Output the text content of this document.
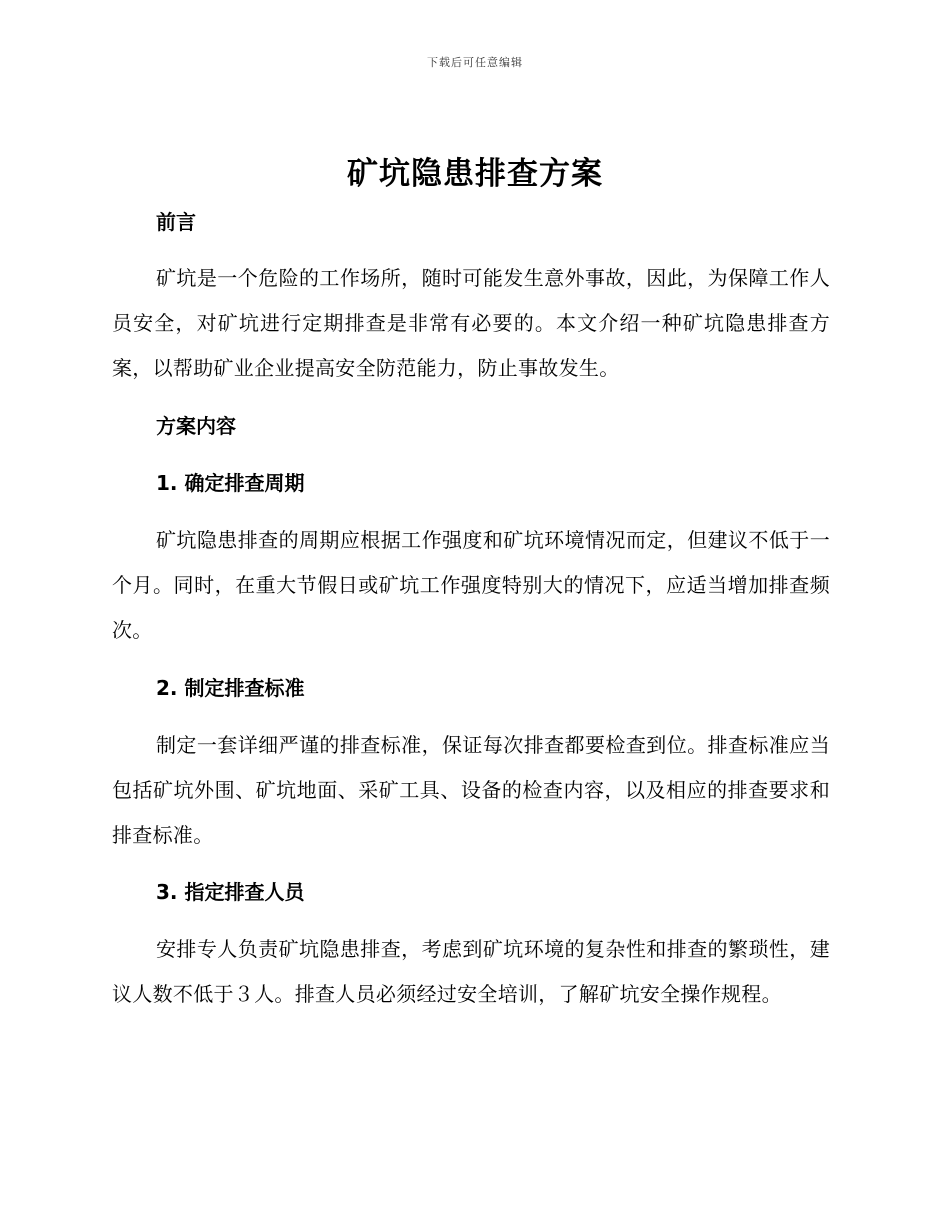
下载后可任意编辑
矿坑隐患排查方案
前言
矿坑是一个危险的工作场所，随时可能发生意外事故，因此，为保障工作人员安全，对矿坑进行定期排查是非常有必要的。本文介绍一种矿坑隐患排查方案，以帮助矿业企业提高安全防范能力，防止事故发生。
方案内容
1. 确定排查周期
矿坑隐患排查的周期应根据工作强度和矿坑环境情况而定，但建议不低于一个月。同时，在重大节假日或矿坑工作强度特别大的情况下，应适当增加排查频次。
2. 制定排查标准
制定一套详细严谨的排查标准，保证每次排查都要检查到位。排查标准应当包括矿坑外围、矿坑地面、采矿工具、设备的检查内容，以及相应的排查要求和排查标准。
3. 指定排查人员
安排专人负责矿坑隐患排查，考虑到矿坑环境的复杂性和排查的繁琐性，建议人数不低于３人。排查人员必须经过安全培训，了解矿坑安全操作规程。
